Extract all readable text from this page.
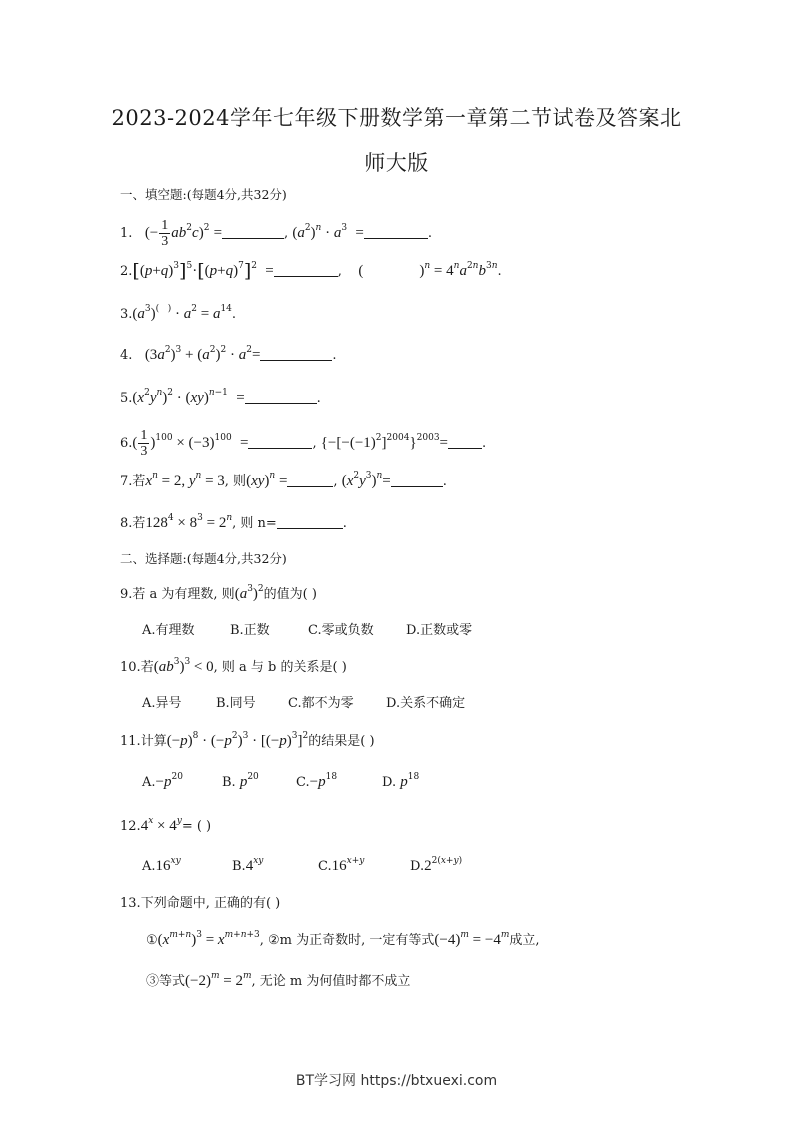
2023-2024学年七年级下册数学第一章第二节试卷及答案北
师大版
一、填空题:(每题4分,共32分)
1. (− $\frac{1}{3} ab^2c)^2$ =	, $(a^2)^n \cdot a^3$ =	.
$2.[(p+q)^3]^5\cdot[(p+q)^7]^2$ =	, (	)$^n = 4^na^{2n}b^{3n}$.
$3.(a^3)^{( )} \cdot a^2 = a^{14}$.
4. $(3a^2)^3 + (a^2)^2 \cdot a^2=$	.
$5.(x^2y^n)^2 \cdot (xy)^{n-1}$ =	.
$6.( \frac{1}{3} )^{100} \times (-3)^{100}$ =	, $\{-[-(-1)^2]^{2004}\}^{2003}=$	.
7.若$x^n = 2$, $y^n = 3$, 则(xy)$^n$ =	, $(x^2y^3)^n=$	.
8.若$128^4 \times 8^3 = 2^n$, 则 n=	.
二、选择题:(每题4分,共32分)
9.若 a 为有理数, 则$(a^3)^2$的值为( )
A.有理数	B.正数	C.零或负数 D.正数或零
10.若$(ab^3)^3 < 0$, 则 a 与 b 的关系是( )
A.异号	B.同号 C.都不为零 D.关系不确定
11.计算$(-p)^8 \cdot (-p^2)^3 \cdot [(-p)^3]^2$的结果是( )
$A.-p^{20}$	B. $p^{20}$	$C.-p^{18}$	D. $p^{18}$
$12.4^x \times 4^y=$ ( )
$A.16^{xy}$	$B.4^{xy}$	$C.16^{x+y}$	$D.2^{2(x+y)}$
13.下列命题中, 正确的有( )
$①(x^{m+n})^3 = x^{m+n+3}$, ②m 为正奇数时, 一定有等式$(-4)^m = -4^m$成立,
③等式$(-2)^m = 2^m$, 无论 m 为何值时都不成立
BT学习网 https://btxuexi.com
